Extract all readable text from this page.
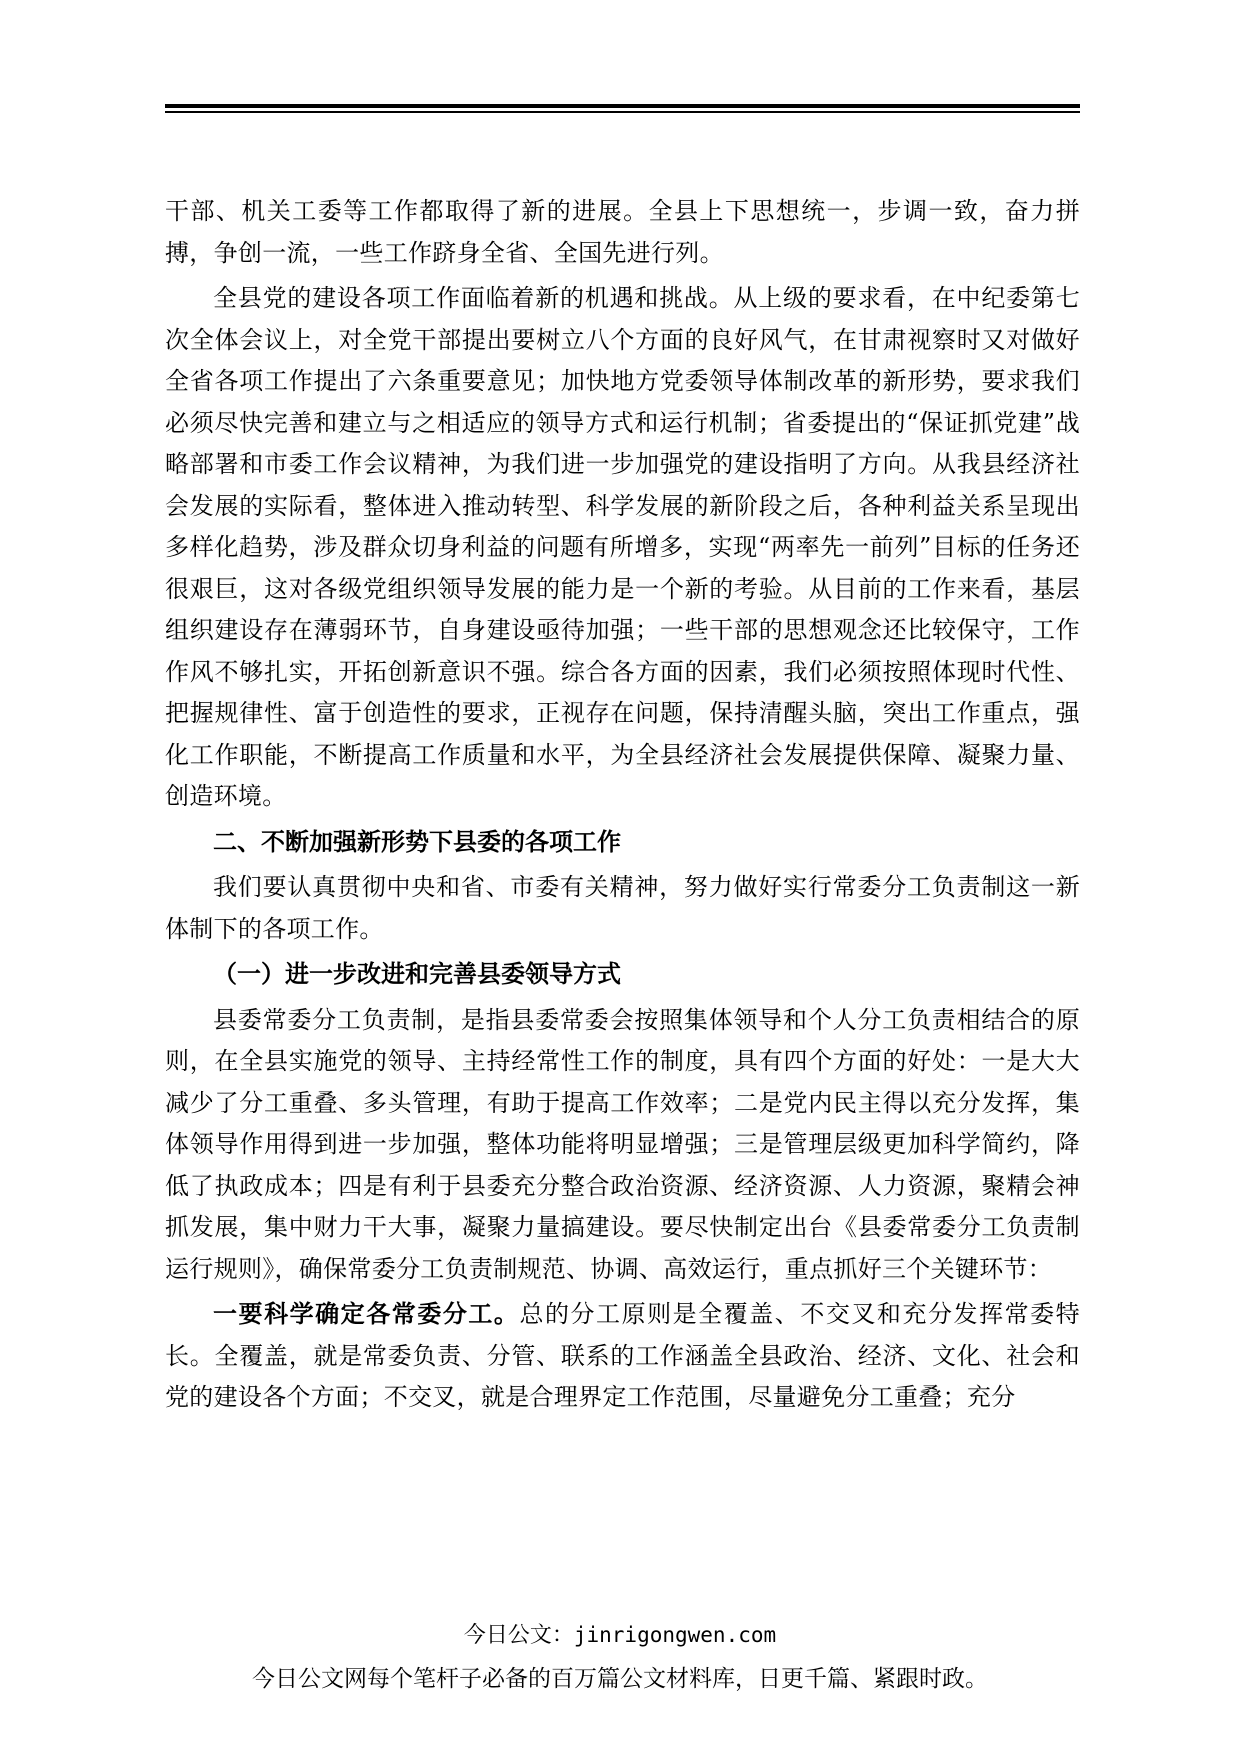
干部、机关工委等工作都取得了新的进展。全县上下思想统一，步调一致，奋力拼搏，争创一流，一些工作跻身全省、全国先进行列。

全县党的建设各项工作面临着新的机遇和挑战。从上级的要求看，在中纪委第七次全体会议上，对全党干部提出要树立八个方面的良好风气，在甘肃视察时又对做好全省各项工作提出了六条重要意见；加快地方党委领导体制改革的新形势，要求我们必须尽快完善和建立与之相适应的领导方式和运行机制；省委提出的“保证抓党建”战略部署和市委工作会议精神，为我们进一步加强党的建设指明了方向。从我县经济社会发展的实际看，整体进入推动转型、科学发展的新阶段之后，各种利益关系呈现出多样化趋势，涉及群众切身利益的问题有所增多，实现“两率先一前列”目标的任务还很艰巨，这对各级党组织领导发展的能力是一个新的考验。从目前的工作来看，基层组织建设存在薄弱环节，自身建设亟待加强；一些干部的思想观念还比较保守，工作作风不够扎实，开拓创新意识不强。综合各方面的因素，我们必须按照体现时代性、把握规律性、富于创造性的要求，正视存在问题，保持清醒头脑，突出工作重点，强化工作职能，不断提高工作质量和水平，为全县经济社会发展提供保障、凝聚力量、创造环境。

二、不断加强新形势下县委的各项工作

我们要认真贯彻中央和省、市委有关精神，努力做好实行常委分工负责制这一新体制下的各项工作。

（一）进一步改进和完善县委领导方式

县委常委分工负责制，是指县委常委会按照集体领导和个人分工负责相结合的原则，在全县实施党的领导、主持经常性工作的制度，具有四个方面的好处：一是大大减少了分工重叠、多头管理，有助于提高工作效率；二是党内民主得以充分发挥，集体领导作用得到进一步加强，整体功能将明显增强；三是管理层级更加科学简约，降低了执政成本；四是有利于县委充分整合政治资源、经济资源、人力资源，聚精会神抓发展，集中财力干大事，凝聚力量搞建设。要尽快制定出台《县委常委分工负责制运行规则》，确保常委分工负责制规范、协调、高效运行，重点抓好三个关键环节：

一要科学确定各常委分工。总的分工原则是全覆盖、不交叉和充分发挥常委特长。全覆盖，就是常委负责、分管、联系的工作涵盖全县政治、经济、文化、社会和党的建设各个方面；不交叉，就是合理界定工作范围，尽量避免分工重叠；充分

今日公文：jinrigongwen.com
今日公文网每个笔杆子必备的百万篇公文材料库，日更千篇、紧跟时政。
